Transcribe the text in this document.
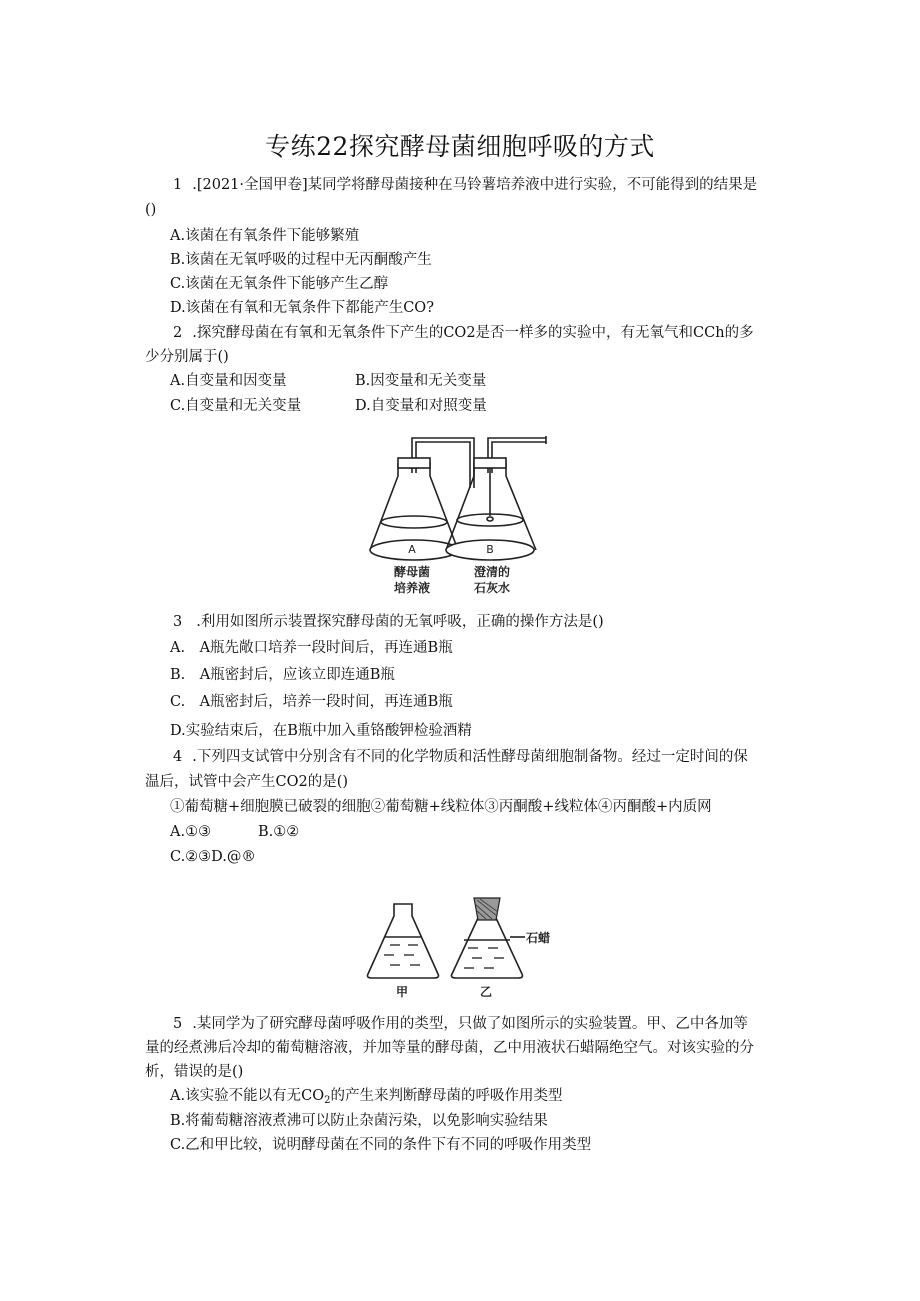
专练22探究酵母菌细胞呼吸的方式
1 .[2021·全国甲卷]某同学将酵母菌接种在马铃薯培养液中进行实验，不可能得到的结果是
()
A.该菌在有氧条件下能够繁殖
B.该菌在无氧呼吸的过程中无丙酮酸产生
C.该菌在无氧条件下能够产生乙醇
D.该菌在有氧和无氧条件下都能产生CO?
2 .探究酵母菌在有氧和无氧条件下产生的CO2是否一样多的实验中，有无氧气和CCh的多
少分别属于()
A.自变量和因变量	B.因变量和无关变量
C.自变量和无关变量	D.自变量和对照变量
A	B
酵母菌
培养液
澄清的
石灰水
3 .利用如图所示装置探究酵母菌的无氧呼吸，正确的操作方法是()
A.　A瓶先敞口培养一段时间后，再连通B瓶
B.　A瓶密封后，应该立即连通B瓶
C.　A瓶密封后，培养一段时间，再连通B瓶
D.实验结束后，在B瓶中加入重铬酸钾检验酒精
4 .下列四支试管中分别含有不同的化学物质和活性酵母菌细胞制备物。经过一定时间的保
温后，试管中会产生CO2的是()
①葡萄糖+细胞膜已破裂的细胞②葡萄糖+线粒体③丙酮酸+线粒体④丙酮酸+内质网
A.①③	B.①②
C.②③D.@®
甲	乙
石蜡
5 .某同学为了研究酵母菌呼吸作用的类型，只做了如图所示的实验装置。甲、乙中各加等
量的经煮沸后冷却的葡萄糖溶液，并加等量的酵母菌，乙中用液状石蜡隔绝空气。对该实验的分
析，错误的是()
A.该实验不能以有无$CO_2$的产生来判断酵母菌的呼吸作用类型
B.将葡萄糖溶液煮沸可以防止杂菌污染，以免影响实验结果
C.乙和甲比较，说明酵母菌在不同的条件下有不同的呼吸作用类型
